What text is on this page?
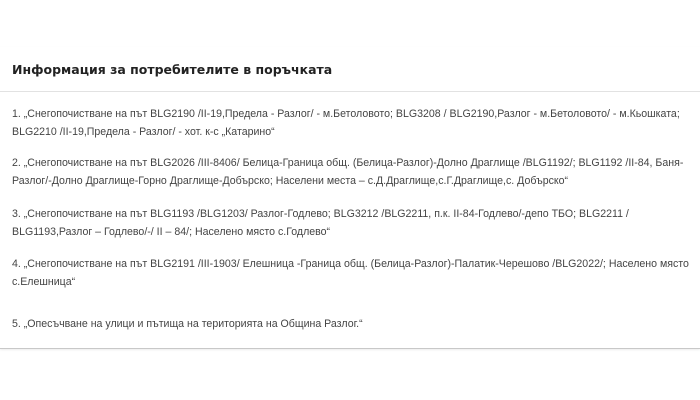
Информация за потребителите в поръчката

1. „Снегопочистване на път BLG2190 /II-19,Предела - Разлог/ - м.Бетоловото; BLG3208 / BLG2190,Разлог - м.Бетоловото/ - м.Кьошката; BLG2210 /II-19,Предела - Разлог/ - хот. к-с „Катарино“

2. „Снегопочистване на път BLG2026 /III-8406/ Белица-Граница общ. (Белица-Разлог)-Долно Драглище /BLG1192/; BLG1192 /II-84, Баня-Разлог/-Долно Драглище-Горно Драглище-Добърско; Населени места – с.Д.Драглище,с.Г.Драглище,с. Добърско“

3. „Снегопочистване на път BLG1193 /BLG1203/ Разлог-Годлево; BLG3212 /BLG2211, п.к. II-84-Годлево/-депо ТБО; BLG2211 / BLG1193,Разлог – Годлево/-/ II – 84/; Населено място с.Годлево“

4. „Снегопочистване на път BLG2191 /III-1903/ Елешница -Граница общ. (Белица-Разлог)-Палатик-Черешово /BLG2022/; Населено място с.Елешница“

5. „Опесъчване на улици и пътища на територията на Община Разлог.“
